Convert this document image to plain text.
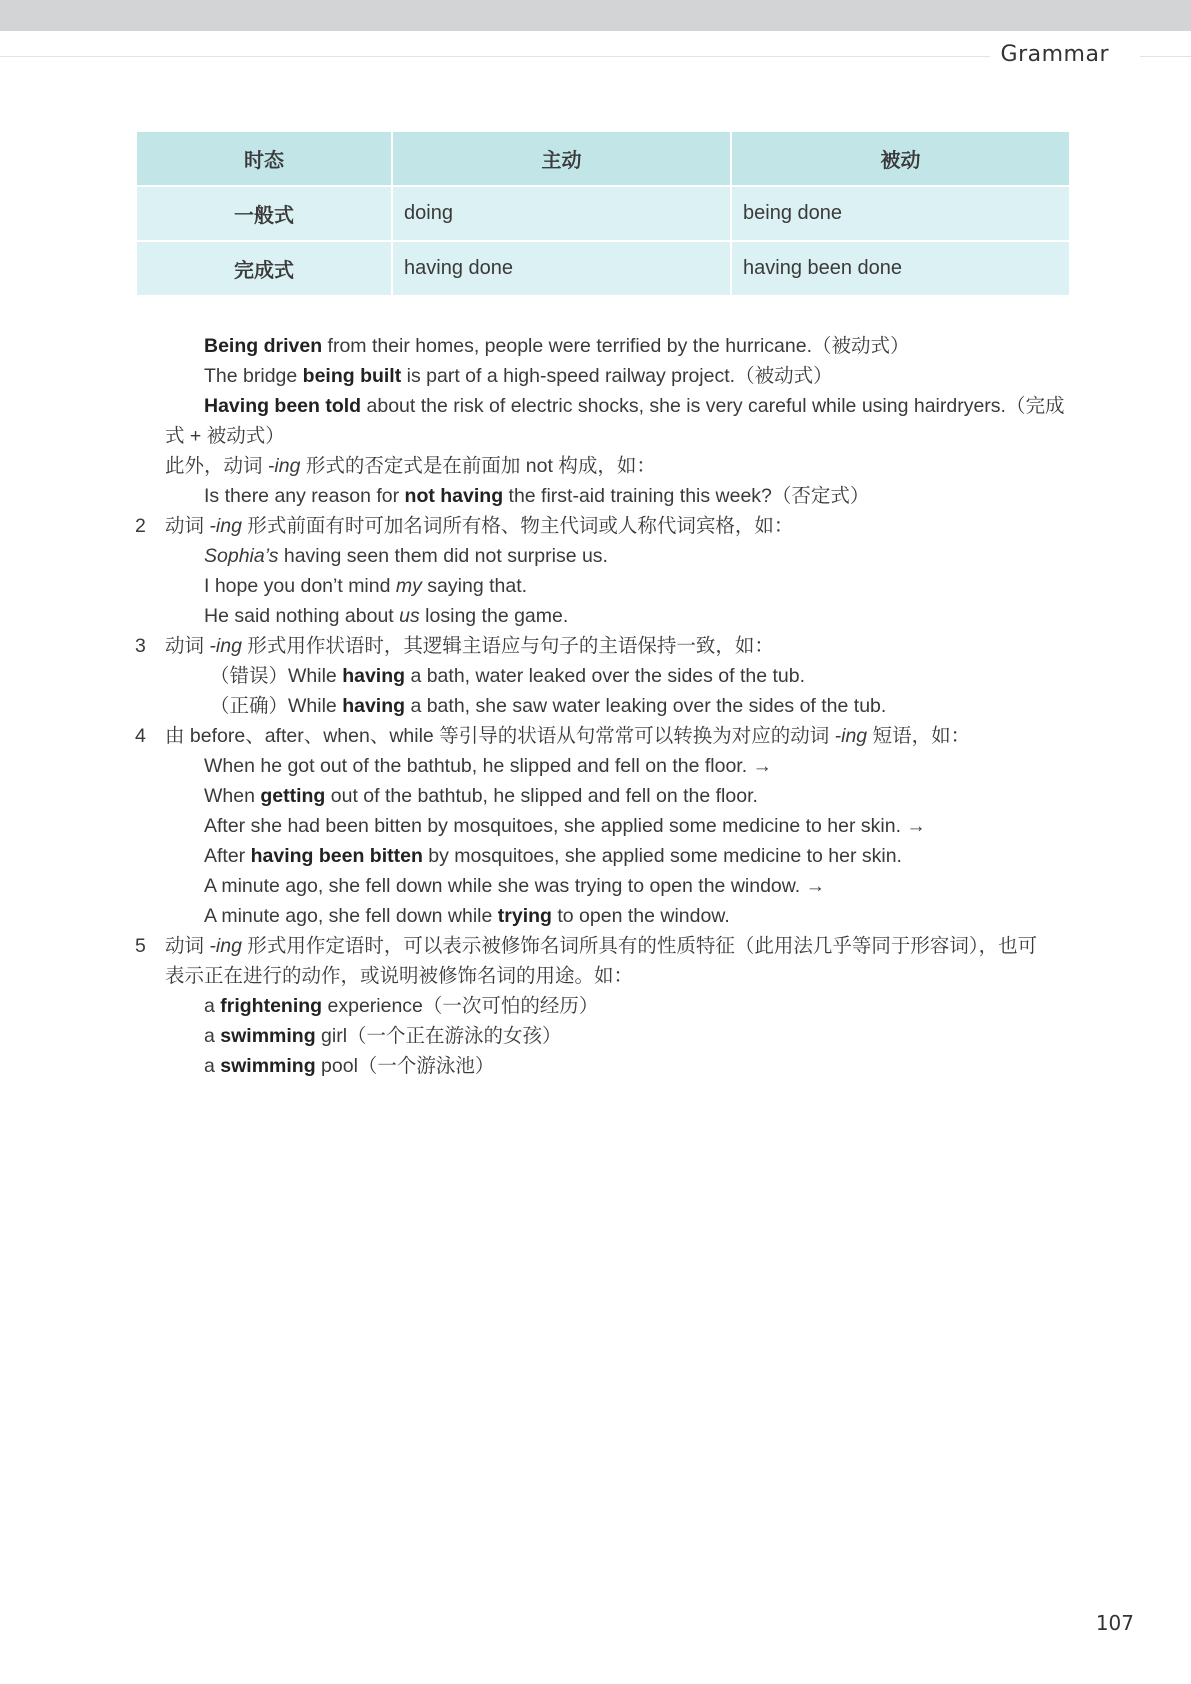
Grammar
时态	主动	被动
一般式	doing	being done
完成式	having done	having been done
Being driven from their homes, people were terrified by the hurricane.（被动式）
The bridge being built is part of a high-speed railway project.（被动式）
Having been told about the risk of electric shocks, she is very careful while using hairdryers.（完成
式 + 被动式）
此外，动词 -ing 形式的否定式是在前面加 not 构成，如：
Is there any reason for not having the first-aid training this week?（否定式）
2 动词 -ing 形式前面有时可加名词所有格、物主代词或人称代词宾格，如：
Sophia’s having seen them did not surprise us.
I hope you don’t mind my saying that.
He said nothing about us losing the game.
3 动词 -ing 形式用作状语时，其逻辑主语应与句子的主语保持一致，如：
（错误）While having a bath, water leaked over the sides of the tub.
（正确）While having a bath, she saw water leaking over the sides of the tub.
4 由 before、after、when、while 等引导的状语从句常常可以转换为对应的动词 -ing 短语，如：
When he got out of the bathtub, he slipped and fell on the floor. →
When getting out of the bathtub, he slipped and fell on the floor.
After she had been bitten by mosquitoes, she applied some medicine to her skin. →
After having been bitten by mosquitoes, she applied some medicine to her skin.
A minute ago, she fell down while she was trying to open the window. →
A minute ago, she fell down while trying to open the window.
5 动词 -ing 形式用作定语时，可以表示被修饰名词所具有的性质特征（此用法几乎等同于形容词），也可
表示正在进行的动作，或说明被修饰名词的用途。如：
a frightening experience（一次可怕的经历）
a swimming girl（一个正在游泳的女孩）
a swimming pool（一个游泳池）
107
